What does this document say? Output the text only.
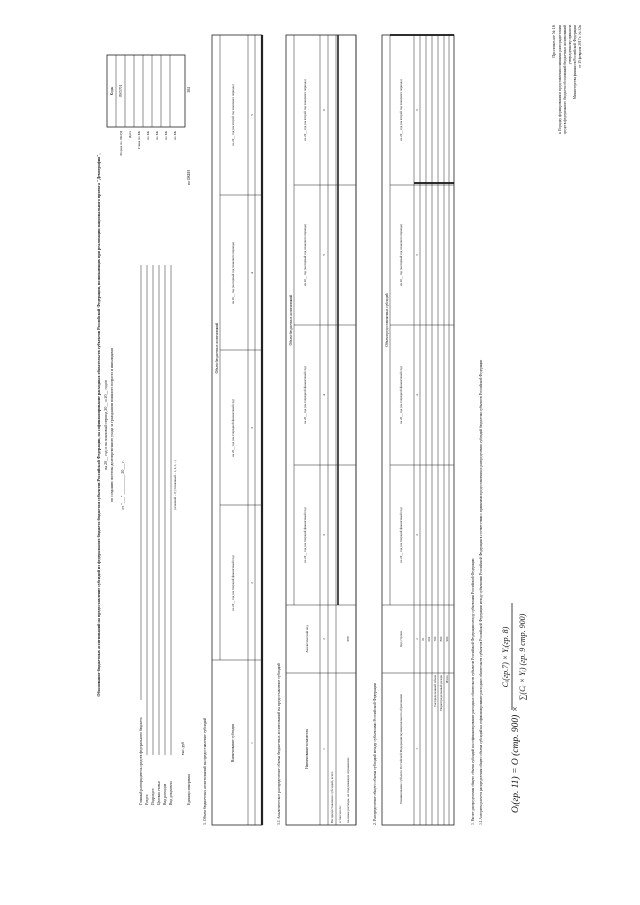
Приложение № 16 к Порядку формирования и представления главными распорядителями средств федерального бюджета обоснований бюджетных ассигнований утвержденному приказом Министерства финансов Российской Федерации от 15 февраля 2017 г. № 32н
Обоснование бюджетных ассигнований на предоставление субсидий из федерального бюджета бюджетам субъектов Российской Федерации, на софинансирование расходных обязательств субъектов Российской Федерации, возникающих при реализации национального проекта "Демография", на 20__ год и на плановый период 20__ и 20__ годов по созданию системы долговременного ухода за гражданами пожилого возраста и инвалидами от "___" __________ 20___ г.
Главный распорядитель средств федерального бюджета Раздел Подраздел Целевая статья Вид расходов Вид документа
(основной – 0; уточненный – 1, 2, 3, ...)
тыс. руб
Единица измерения
по ОКЕИ
384
Коды
Форма по ОКУД
0505701
Дата Глава по БК по БК по БК по БК по БК
1. Объем бюджетных ассигнований на предоставление субсидий
Объем бюджетных ассигнований
Наименование субсидии
на 20__ год (на текущий финансовый год)
на 20__ год (на очередной финансовый год)
на 20__ год (на первый год планового периода)
на 20__ год (на второй год планового периода)
1
2
3
4
5
1.1 Аналитическое распределение объема бюджетных ассигнований на предоставление субсидий
Объем бюджетных ассигнований
Наименование показателя
Аналитический код
на 20__ год (на текущий финансовый год)
на 20__ год (на очередной финансовый год)
на 20__ год (на первый год планового периода)
на 20__ год (на второй год планового периода)
1
2
3
4
5
6
На предоставление субсидий, всего в том числе: на иные расходы, не подлежащие отражению
999
2. Распределение общего объема субсидий между субъектами Российской Федерации
Объем предоставляемых субсидий
Наименование субъекта Российской Федерации/муниципального образования
Код строки
на 20__ год (на текущий финансовый год)
на 20__ год (на очередной финансовый год)
на 20__ год (на первый год планового периода)
на 20__ год (на второй год планового периода)
1
2
3
4
5
6
01 002
Распределенный объем
700
Нераспределенный резерв
800
Итого
900	3. Расчет распределения общего объема субсидий на софинансирование расходных обязательств субъектов Российской Федерации между субъектами Российской Федерации 3.1 Алгоритм расчета распределения общего объема субсидий на софинансирование расходных обязательств субъектов Российской Федерации между субъектами Российской Федерации в соответствии с правилами предоставления и распределения субсидий бюджетам субъектов Российской Федерации	Oᵢ(гр. 11) = O (стр. 900) ×
Cᵢ(гр.7) × Yᵢ(гр. 8) ∑(Cᵢ × Yᵢ) (гр. 9 стр. 900)
